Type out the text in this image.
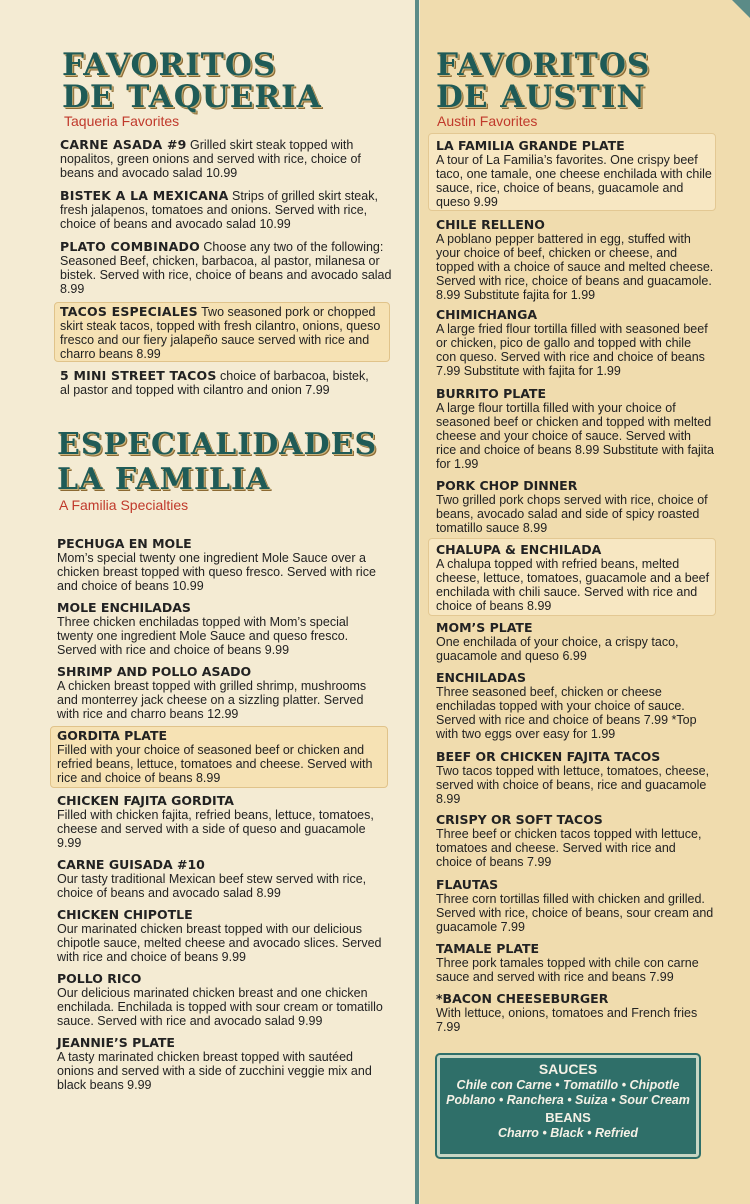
FAVORITOS
DE TAQUERIA
Taqueria Favorites
CARNE ASADA #9 Grilled skirt steak topped with nopalitos, green onions and served with rice, choice of beans and avocado salad 10.99
BISTEK A LA MEXICANA Strips of grilled skirt steak, fresh jalapenos, tomatoes and onions. Served with rice, choice of beans and avocado salad 10.99
PLATO COMBINADO Choose any two of the following: Seasoned Beef, chicken, barbacoa, al pastor, milanesa or bistek. Served with rice, choice of beans and avocado salad 8.99
TACOS ESPECIALES Two seasoned pork or chopped skirt steak tacos, topped with fresh cilantro, onions, queso fresco and our fiery jalapeño sauce served with rice and charro beans 8.99
5 MINI STREET TACOS choice of barbacoa, bistek, al pastor and topped with cilantro and onion 7.99
ESPECIALIDADES
LA FAMILIA
A Familia Specialties
PECHUGA EN MOLE
Mom’s special twenty one ingredient Mole Sauce over a chicken breast topped with queso fresco. Served with rice and choice of beans 10.99
MOLE ENCHILADAS
Three chicken enchiladas topped with Mom’s special twenty one ingredient Mole Sauce and queso fresco. Served with rice and choice of beans 9.99
SHRIMP AND POLLO ASADO
A chicken breast topped with grilled shrimp, mushrooms and monterrey jack cheese on a sizzling platter. Served with rice and charro beans 12.99
GORDITA PLATE
Filled with your choice of seasoned beef or chicken and refried beans, lettuce, tomatoes and cheese. Served with rice and choice of beans 8.99
CHICKEN FAJITA GORDITA
Filled with chicken fajita, refried beans, lettuce, tomatoes, cheese and served with a side of queso and guacamole 9.99
CARNE GUISADA #10
Our tasty traditional Mexican beef stew served with rice, choice of beans and avocado salad 8.99
CHICKEN CHIPOTLE
Our marinated chicken breast topped with our delicious chipotle sauce, melted cheese and avocado slices. Served with rice and choice of beans 9.99
POLLO RICO
Our delicious marinated chicken breast and one chicken enchilada. Enchilada is topped with sour cream or tomatillo sauce. Served with rice and avocado salad 9.99
JEANNIE’S PLATE
A tasty marinated chicken breast topped with sautéed onions and served with a side of zucchini veggie mix and black beans 9.99
FAVORITOS
DE AUSTIN
Austin Favorites
LA FAMILIA GRANDE PLATE
A tour of La Familia’s favorites. One crispy beef taco, one tamale, one cheese enchilada with chile sauce, rice, choice of beans, guacamole and queso 9.99
CHILE RELLENO
A poblano pepper battered in egg, stuffed with your choice of beef, chicken or cheese, and topped with a choice of sauce and melted cheese. Served with rice, choice of beans and guacamole. 8.99 Substitute fajita for 1.99
CHIMICHANGA
A large fried flour tortilla filled with seasoned beef or chicken, pico de gallo and topped with chile con queso. Served with rice and choice of beans 7.99 Substitute with fajita for 1.99
BURRITO PLATE
A large flour tortilla filled with your choice of seasoned beef or chicken and topped with melted cheese and your choice of sauce. Served with rice and choice of beans 8.99 Substitute with fajita for 1.99
PORK CHOP DINNER
Two grilled pork chops served with rice, choice of beans, avocado salad and side of spicy roasted tomatillo sauce 8.99
CHALUPA & ENCHILADA
A chalupa topped with refried beans, melted cheese, lettuce, tomatoes, guacamole and a beef enchilada with chili sauce. Served with rice and choice of beans 8.99
MOM’S PLATE
One enchilada of your choice, a crispy taco, guacamole and queso 6.99
ENCHILADAS
Three seasoned beef, chicken or cheese enchiladas topped with your choice of sauce. Served with rice and choice of beans 7.99 *Top with two eggs over easy for 1.99
BEEF OR CHICKEN FAJITA TACOS
Two tacos topped with lettuce, tomatoes, cheese, served with choice of beans, rice and guacamole 8.99
CRISPY OR SOFT TACOS
Three beef or chicken tacos topped with lettuce, tomatoes and cheese. Served with rice and choice of beans 7.99
FLAUTAS
Three corn tortillas filled with chicken and grilled. Served with rice, choice of beans, sour cream and guacamole 7.99
TAMALE PLATE
Three pork tamales topped with chile con carne sauce and served with rice and beans 7.99
*BACON CHEESEBURGER
With lettuce, onions, tomatoes and French fries 7.99
SAUCES
Chile con Carne • Tomatillo • Chipotle
Poblano • Ranchera • Suiza • Sour Cream
BEANS
Charro • Black • Refried
